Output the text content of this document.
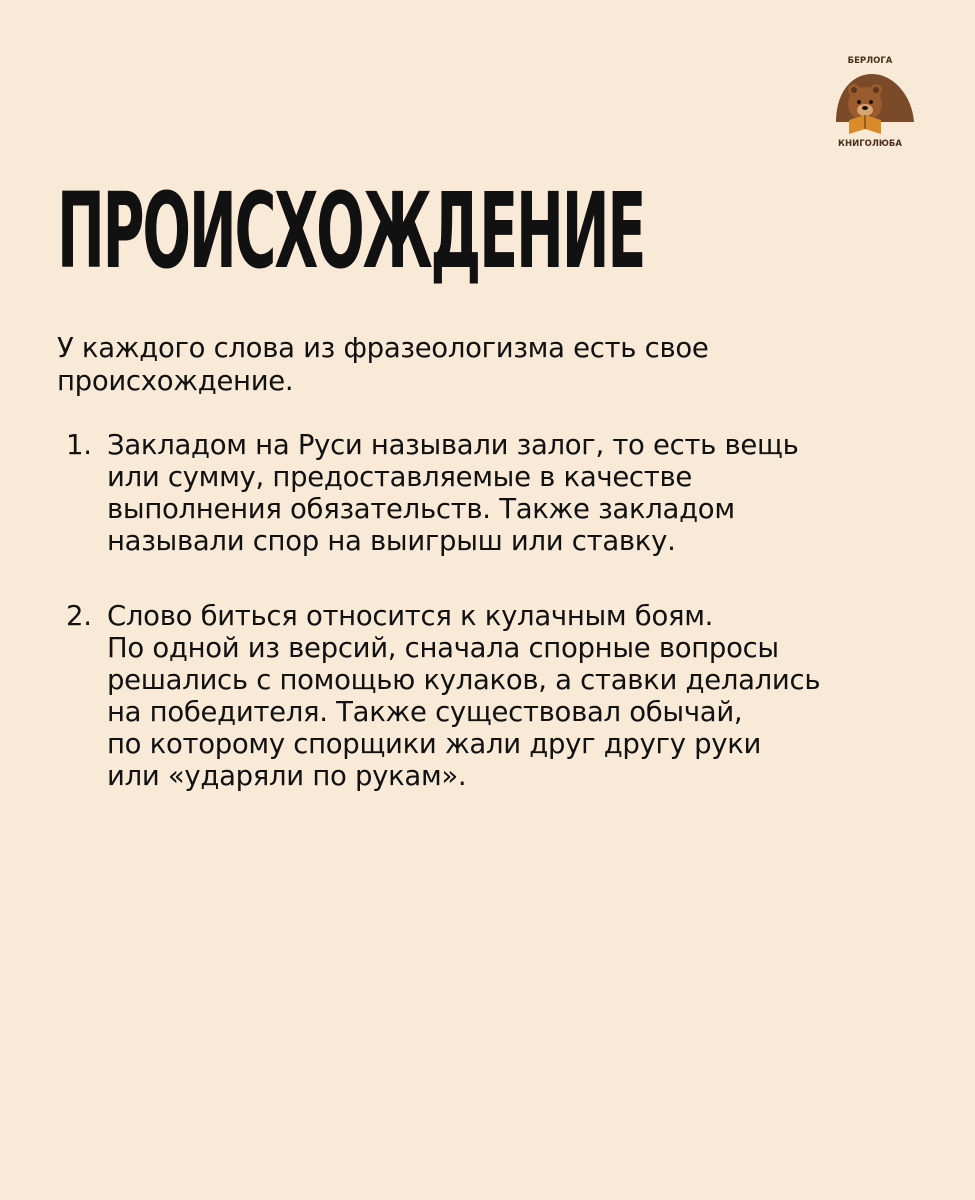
БЕРЛОГА
КНИГОЛЮБА
ПРОИСХОЖДЕНИЕ

У каждого слова из фразеологизма есть свое
происхождение.

1. Закладом на Руси называли залог, то есть вещь
или сумму, предоставляемые в качестве
выполнения обязательств. Также закладом
называли спор на выигрыш или ставку.
2. Слово биться относится к кулачным боям.
По одной из версий, сначала спорные вопросы
решались с помощью кулаков, а ставки делались
на победителя. Также существовал обычай,
по которому спорщики жали друг другу руки
или «ударяли по рукам».
